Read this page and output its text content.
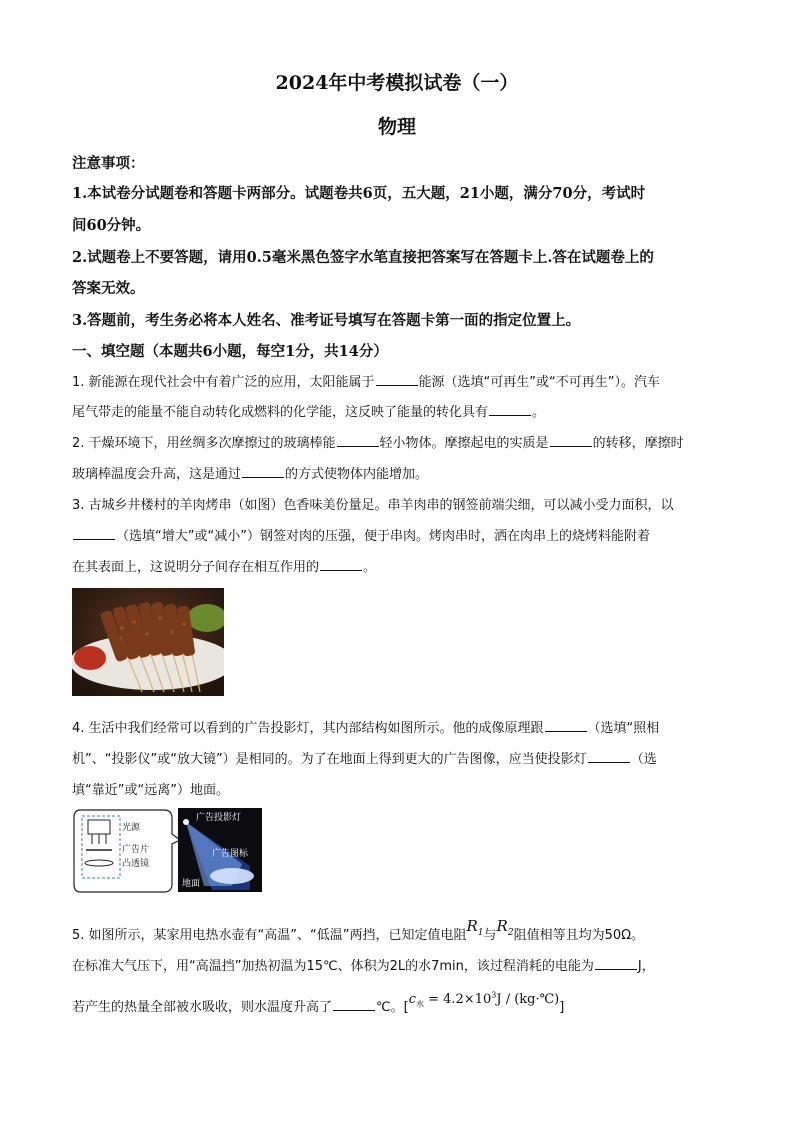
2024年中考模拟试卷（一）
物理
注意事项：
1.本试卷分试题卷和答题卡两部分。试题卷共6页，五大题，21小题，满分70分，考试时
间60分钟。
2.试题卷上不要答题，请用0.5毫米黑色签字水笔直接把答案写在答题卡上.答在试题卷上的
答案无效。
3.答题前，考生务必将本人姓名、准考证号填写在答题卡第一面的指定位置上。
一、填空题（本题共6小题，每空1分，共14分）
1. 新能源在现代社会中有着广泛的应用，太阳能属于	能源（选填“可再生”或“不可再生”）。汽车
尾气带走的能量不能自动转化成燃料的化学能，这反映了能量的转化具有	。
2. 干燥环境下，用丝绸多次摩擦过的玻璃棒能	轻小物体。摩擦起电的实质是	的转移，摩擦时
玻璃棒温度会升高，这是通过	的方式使物体内能增加。
3. 古城乡井楼村的羊肉烤串（如图）色香味美份量足。串羊肉串的钢签前端尖细，可以减小受力面积，以
（选填“增大”或“减小”）钢签对肉的压强，便于串肉。烤肉串时，洒在肉串上的烧烤料能附着
在其表面上，这说明分子间存在相互作用的	。
4. 生活中我们经常可以看到的广告投影灯，其内部结构如图所示。他的成像原理跟	（选填“照相
机”、“投影仪”或“放大镜”）是相同的。为了在地面上得到更大的广告图像，应当使投影灯	（选
填“靠近”或“远离”）地面。
光源
广告片
凸透镜
广告投影灯
广告图标
地面
5. 如图所示，某家用电热水壶有“高温”、“低温”两挡，已知定值电阻$R_1$与$R_2$阻值相等且均为50Ω。
在标准大气压下，用“高温挡”加热初温为15℃、体积为2L的水7min，该过程消耗的电能为	J，
若产生的热量全部被水吸收，则水温度升高了	℃。[$c_水 = 4.2\times 10^3J$ / (kg·℃)]
